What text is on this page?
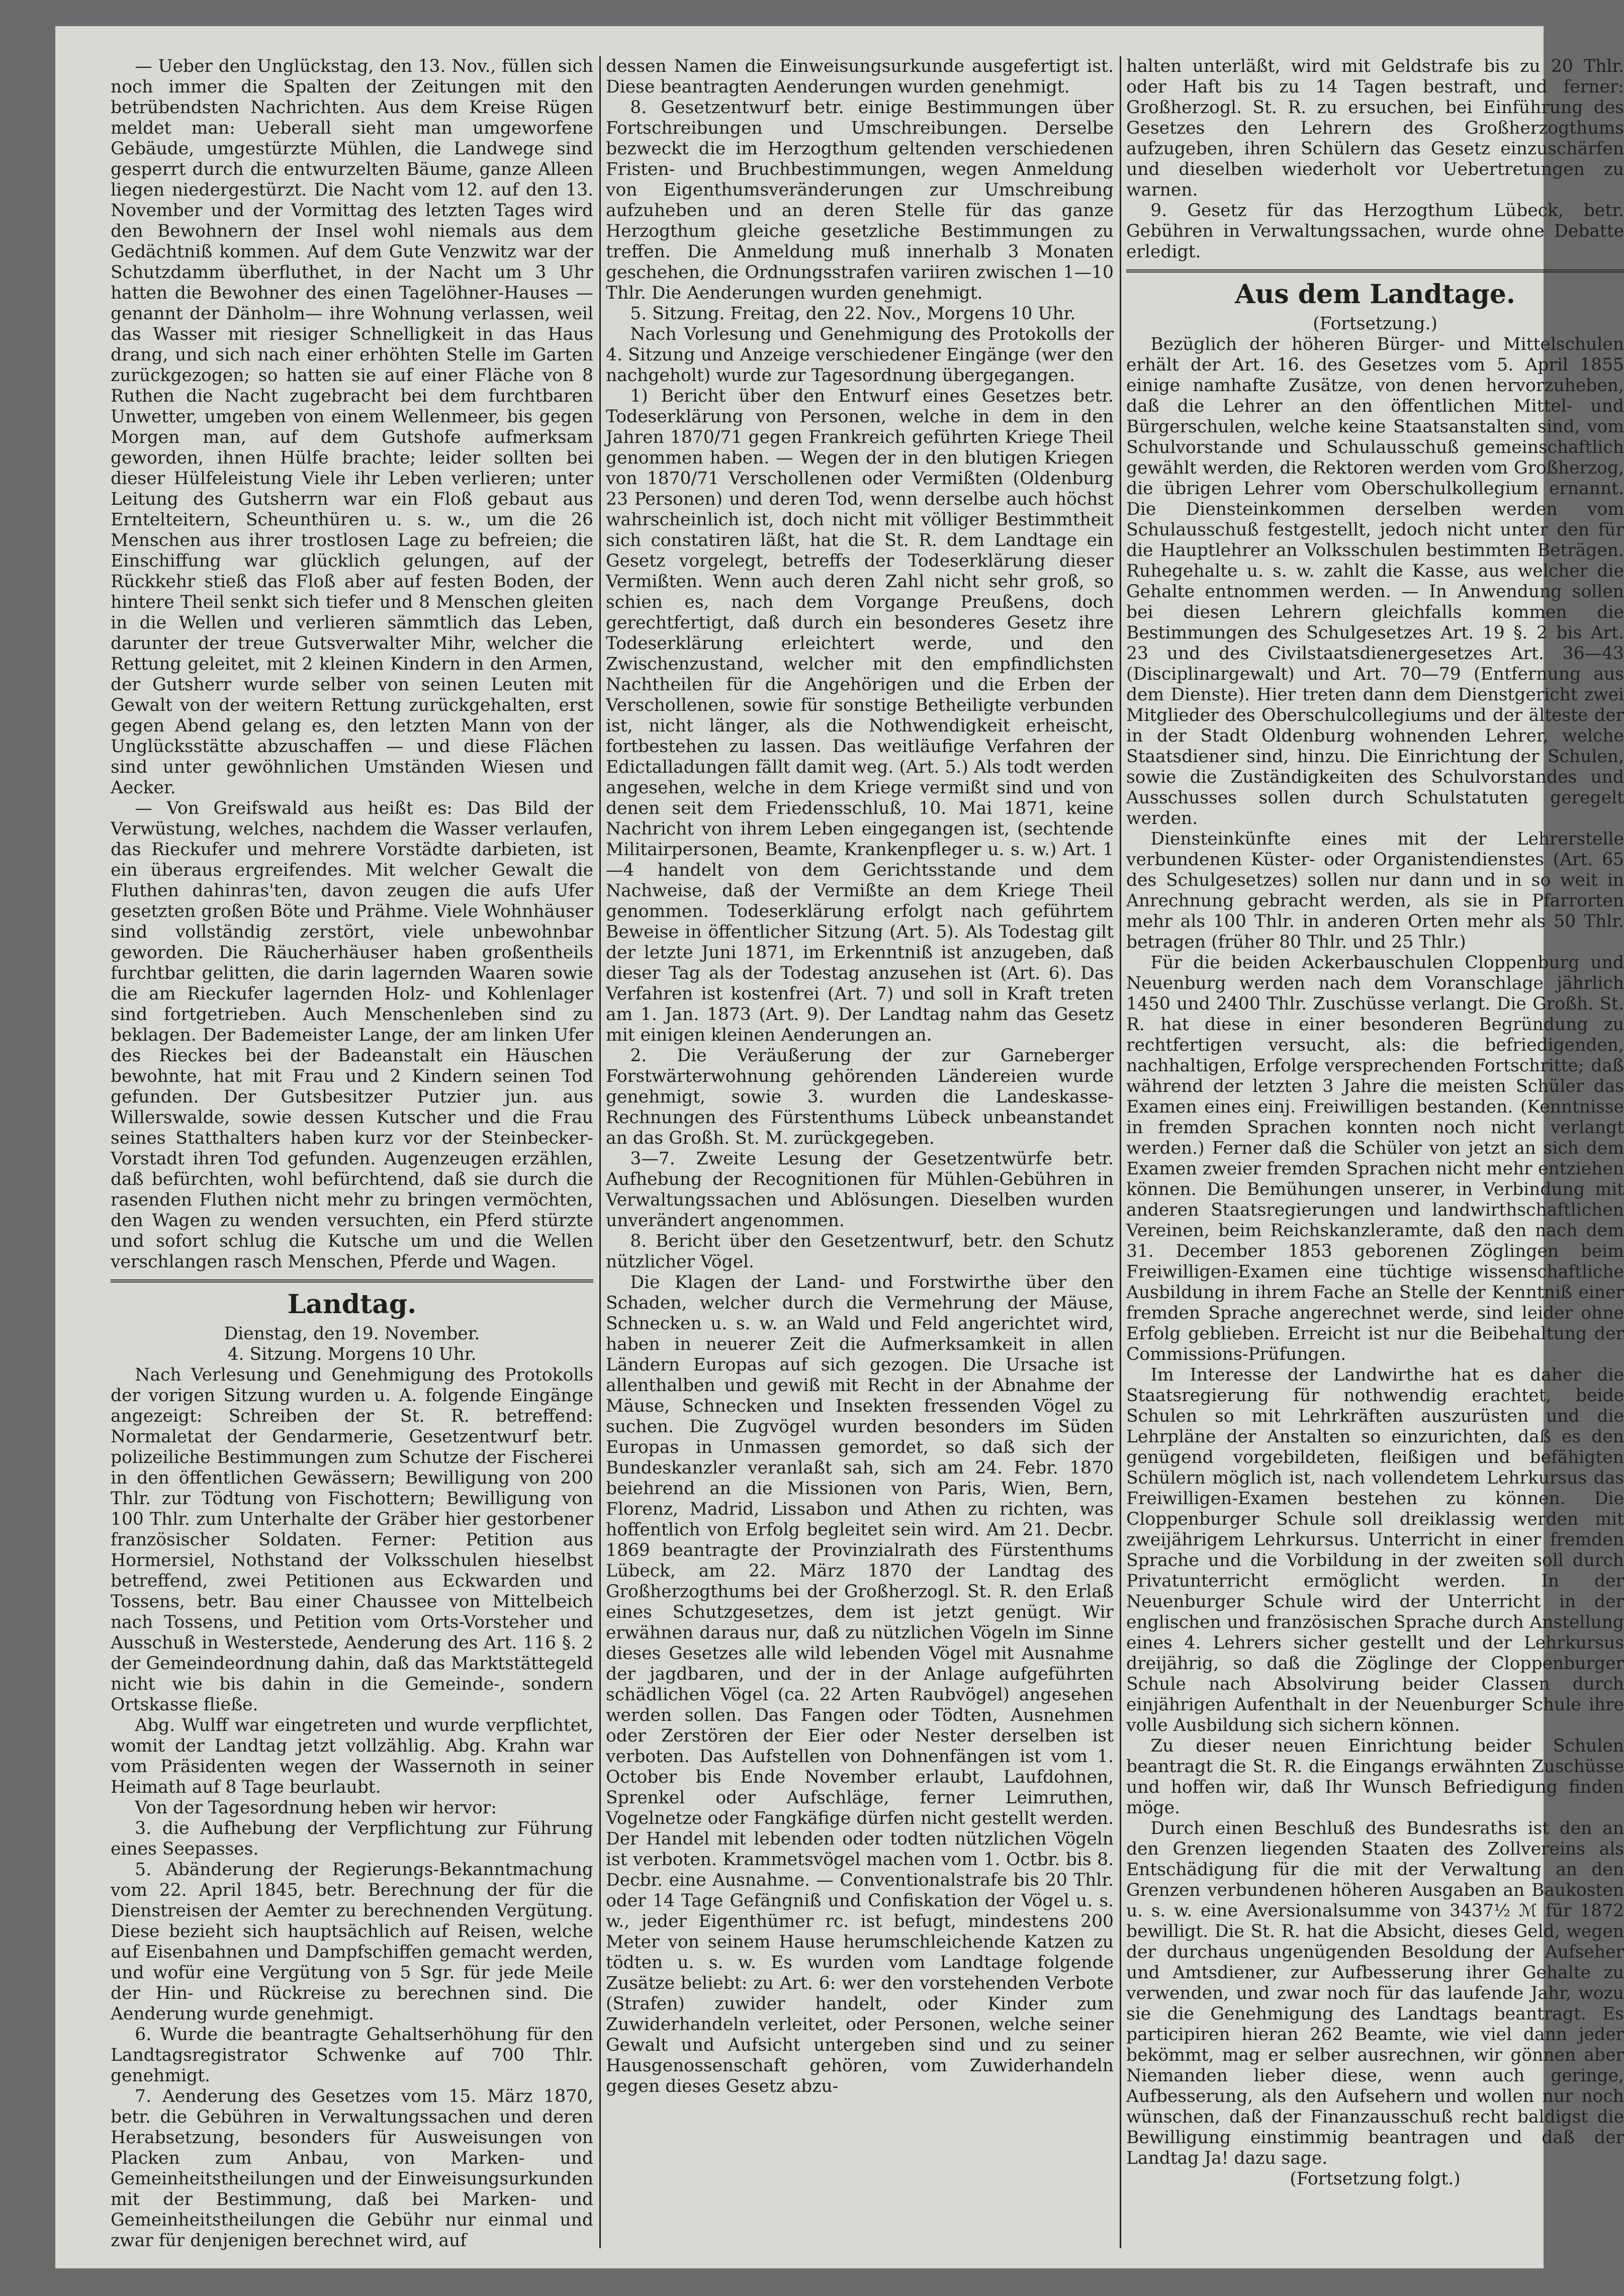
— Ueber den Unglückstag, den 13. Nov., füllen sich noch immer die Spalten der Zeitungen mit den betrübendsten Nachrichten. Aus dem Kreise Rügen meldet man: Ueberall sieht man umgeworfene Gebäude, umgestürzte Mühlen, die Landwege sind gesperrt durch die entwurzelten Bäume, ganze Alleen liegen niedergestürzt. Die Nacht vom 12. auf den 13. November und der Vormittag des letzten Tages wird den Bewohnern der Insel wohl niemals aus dem Gedächtniß kommen. Auf dem Gute Venzwitz war der Schutzdamm überfluthet, in der Nacht um 3 Uhr hatten die Bewohner des einen Tagelöhner-Hauses — genannt der Dänholm— ihre Wohnung verlassen, weil das Wasser mit riesiger Schnelligkeit in das Haus drang, und sich nach einer erhöhten Stelle im Garten zurückgezogen; so hatten sie auf einer Fläche von 8 Ruthen die Nacht zugebracht bei dem furchtbaren Unwetter, umgeben von einem Wellenmeer, bis gegen Morgen man, auf dem Gutshofe aufmerksam geworden, ihnen Hülfe brachte; leider sollten bei dieser Hülfeleistung Viele ihr Leben verlieren; unter Leitung des Gutsherrn war ein Floß gebaut aus Erntelteitern, Scheunthüren u. s. w., um die 26 Menschen aus ihrer trostlosen Lage zu befreien; die Einschiffung war glücklich gelungen, auf der Rückkehr stieß das Floß aber auf festen Boden, der hintere Theil senkt sich tiefer und 8 Menschen gleiten in die Wellen und verlieren sämmtlich das Leben, darunter der treue Gutsverwalter Mihr, welcher die Rettung geleitet, mit 2 kleinen Kindern in den Armen, der Gutsherr wurde selber von seinen Leuten mit Gewalt von der weitern Rettung zurückgehalten, erst gegen Abend gelang es, den letzten Mann von der Unglücksstätte abzuschaffen — und diese Flächen sind unter gewöhnlichen Umständen Wiesen und Aecker.

— Von Greifswald aus heißt es: Das Bild der Verwüstung, welches, nachdem die Wasser verlaufen, das Rieckufer und mehrere Vorstädte darbieten, ist ein überaus ergreifendes. Mit welcher Gewalt die Fluthen dahinras'ten, davon zeugen die aufs Ufer gesetzten großen Böte und Prähme. Viele Wohnhäuser sind vollständig zerstört, viele unbewohnbar geworden. Die Räucherhäuser haben großentheils furchtbar gelitten, die darin lagernden Waaren sowie die am Rieckufer lagernden Holz- und Kohlenlager sind fortgetrieben. Auch Menschenleben sind zu beklagen. Der Bademeister Lange, der am linken Ufer des Rieckes bei der Badeanstalt ein Häuschen bewohnte, hat mit Frau und 2 Kindern seinen Tod gefunden. Der Gutsbesitzer Putzier jun. aus Willerswalde, sowie dessen Kutscher und die Frau seines Statthalters haben kurz vor der Steinbecker-Vorstadt ihren Tod gefunden. Augenzeugen erzählen, daß befürchten, wohl befürchtend, daß sie durch die rasenden Fluthen nicht mehr zu bringen vermöchten, den Wagen zu wenden versuchten, ein Pferd stürzte und sofort schlug die Kutsche um und die Wellen verschlangen rasch Menschen, Pferde und Wagen.

Landtag.

Dienstag, den 19. November.

4. Sitzung. Morgens 10 Uhr.

Nach Verlesung und Genehmigung des Protokolls der vorigen Sitzung wurden u. A. folgende Eingänge angezeigt: Schreiben der St. R. betreffend: Normaletat der Gendarmerie, Gesetzentwurf betr. polizeiliche Bestimmungen zum Schutze der Fischerei in den öffentlichen Gewässern; Bewilligung von 200 Thlr. zur Tödtung von Fischottern; Bewilligung von 100 Thlr. zum Unterhalte der Gräber hier gestorbener französischer Soldaten. Ferner: Petition aus Hormersiel, Nothstand der Volksschulen hieselbst betreffend, zwei Petitionen aus Eckwarden und Tossens, betr. Bau einer Chaussee von Mittelbeich nach Tossens, und Petition vom Orts-Vorsteher und Ausschuß in Westerstede, Aenderung des Art. 116 §. 2 der Gemeindeordnung dahin, daß das Marktstättegeld nicht wie bis dahin in die Gemeinde-, sondern Ortskasse fließe.

Abg. Wulff war eingetreten und wurde verpflichtet, womit der Landtag jetzt vollzählig. Abg. Krahn war vom Präsidenten wegen der Wassernoth in seiner Heimath auf 8 Tage beurlaubt.

Von der Tagesordnung heben wir hervor:

3. die Aufhebung der Verpflichtung zur Führung eines Seepasses.

5. Abänderung der Regierungs-Bekanntmachung vom 22. April 1845, betr. Berechnung der für die Dienstreisen der Aemter zu berechnenden Vergütung. Diese bezieht sich hauptsächlich auf Reisen, welche auf Eisenbahnen und Dampfschiffen gemacht werden, und wofür eine Vergütung von 5 Sgr. für jede Meile der Hin- und Rückreise zu berechnen sind. Die Aenderung wurde genehmigt.

6. Wurde die beantragte Gehaltserhöhung für den Landtagsregistrator Schwenke auf 700 Thlr. genehmigt.

7. Aenderung des Gesetzes vom 15. März 1870, betr. die Gebühren in Verwaltungssachen und deren Herabsetzung, besonders für Ausweisungen von Placken zum Anbau, von Marken- und Gemeinheitstheilungen und der Einweisungsurkunden mit der Bestimmung, daß bei Marken- und Gemeinheitstheilungen die Gebühr nur einmal und zwar für denjenigen berechnet wird, auf

dessen Namen die Einweisungsurkunde ausgefertigt ist. Diese beantragten Aenderungen wurden genehmigt.

8. Gesetzentwurf betr. einige Bestimmungen über Fortschreibungen und Umschreibungen. Derselbe bezweckt die im Herzogthum geltenden verschiedenen Fristen- und Bruchbestimmungen, wegen Anmeldung von Eigenthumsveränderungen zur Umschreibung aufzuheben und an deren Stelle für das ganze Herzogthum gleiche gesetzliche Bestimmungen zu treffen. Die Anmeldung muß innerhalb 3 Monaten geschehen, die Ordnungsstrafen variiren zwischen 1—10 Thlr. Die Aenderungen wurden genehmigt.

5. Sitzung. Freitag, den 22. Nov., Morgens 10 Uhr.

Nach Vorlesung und Genehmigung des Protokolls der 4. Sitzung und Anzeige verschiedener Eingänge (wer den nachgeholt) wurde zur Tagesordnung übergegangen.

1) Bericht über den Entwurf eines Gesetzes betr. Todeserklärung von Personen, welche in dem in den Jahren 1870/71 gegen Frankreich geführten Kriege Theil genommen haben. — Wegen der in den blutigen Kriegen von 1870/71 Verschollenen oder Vermißten (Oldenburg 23 Personen) und deren Tod, wenn derselbe auch höchst wahrscheinlich ist, doch nicht mit völliger Bestimmtheit sich constatiren läßt, hat die St. R. dem Landtage ein Gesetz vorgelegt, betreffs der Todeserklärung dieser Vermißten. Wenn auch deren Zahl nicht sehr groß, so schien es, nach dem Vorgange Preußens, doch gerechtfertigt, daß durch ein besonderes Gesetz ihre Todeserklärung erleichtert werde, und den Zwischenzustand, welcher mit den empfindlichsten Nachtheilen für die Angehörigen und die Erben der Verschollenen, sowie für sonstige Betheiligte verbunden ist, nicht länger, als die Nothwendigkeit erheischt, fortbestehen zu lassen. Das weitläufige Verfahren der Edictalladungen fällt damit weg. (Art. 5.) Als todt werden angesehen, welche in dem Kriege vermißt sind und von denen seit dem Friedensschluß, 10. Mai 1871, keine Nachricht von ihrem Leben eingegangen ist, (sechtende Militairpersonen, Beamte, Krankenpfleger u. s. w.) Art. 1—4 handelt von dem Gerichtsstande und dem Nachweise, daß der Vermißte an dem Kriege Theil genommen. Todeserklärung erfolgt nach geführtem Beweise in öffentlicher Sitzung (Art. 5). Als Todestag gilt der letzte Juni 1871, im Erkenntniß ist anzugeben, daß dieser Tag als der Todestag anzusehen ist (Art. 6). Das Verfahren ist kostenfrei (Art. 7) und soll in Kraft treten am 1. Jan. 1873 (Art. 9). Der Landtag nahm das Gesetz mit einigen kleinen Aenderungen an.

2. Die Veräußerung der zur Garneberger Forstwärterwohnung gehörenden Ländereien wurde genehmigt, sowie 3. wurden die Landeskasse-Rechnungen des Fürstenthums Lübeck unbeanstandet an das Großh. St. M. zurückgegeben.

3—7. Zweite Lesung der Gesetzentwürfe betr. Aufhebung der Recognitionen für Mühlen-Gebühren in Verwaltungssachen und Ablösungen. Dieselben wurden unverändert angenommen.

8. Bericht über den Gesetzentwurf, betr. den Schutz nützlicher Vögel.

Die Klagen der Land- und Forstwirthe über den Schaden, welcher durch die Vermehrung der Mäuse, Schnecken u. s. w. an Wald und Feld angerichtet wird, haben in neuerer Zeit die Aufmerksamkeit in allen Ländern Europas auf sich gezogen. Die Ursache ist allenthalben und gewiß mit Recht in der Abnahme der Mäuse, Schnecken und Insekten fressenden Vögel zu suchen. Die Zugvögel wurden besonders im Süden Europas in Unmassen gemordet, so daß sich der Bundeskanzler veranlaßt sah, sich am 24. Febr. 1870 beiehrend an die Missionen von Paris, Wien, Bern, Florenz, Madrid, Lissabon und Athen zu richten, was hoffentlich von Erfolg begleitet sein wird. Am 21. Decbr. 1869 beantragte der Provinzialrath des Fürstenthums Lübeck, am 22. März 1870 der Landtag des Großherzogthums bei der Großherzogl. St. R. den Erlaß eines Schutzgesetzes, dem ist jetzt genügt. Wir erwähnen daraus nur, daß zu nützlichen Vögeln im Sinne dieses Gesetzes alle wild lebenden Vögel mit Ausnahme der jagdbaren, und der in der Anlage aufgeführten schädlichen Vögel (ca. 22 Arten Raubvögel) angesehen werden sollen. Das Fangen oder Tödten, Ausnehmen oder Zerstören der Eier oder Nester derselben ist verboten. Das Aufstellen von Dohnenfängen ist vom 1. October bis Ende November erlaubt, Laufdohnen, Sprenkel oder Aufschläge, ferner Leimruthen, Vogelnetze oder Fangkäfige dürfen nicht gestellt werden. Der Handel mit lebenden oder todten nützlichen Vögeln ist verboten. Krammetsvögel machen vom 1. Octbr. bis 8. Decbr. eine Ausnahme. — Conventionalstrafe bis 20 Thlr. oder 14 Tage Gefängniß und Confiskation der Vögel u. s. w., jeder Eigenthümer rc. ist befugt, mindestens 200 Meter von seinem Hause herumschleichende Katzen zu tödten u. s. w. Es wurden vom Landtage folgende Zusätze beliebt: zu Art. 6: wer den vorstehenden Verbote (Strafen) zuwider handelt, oder Kinder zum Zuwiderhandeln verleitet, oder Personen, welche seiner Gewalt und Aufsicht untergeben sind und zu seiner Hausgenossenschaft gehören, vom Zuwiderhandeln gegen dieses Gesetz abzu-

halten unterläßt, wird mit Geldstrafe bis zu 20 Thlr. oder Haft bis zu 14 Tagen bestraft, und ferner: Großherzogl. St. R. zu ersuchen, bei Einführung des Gesetzes den Lehrern des Großherzogthums aufzugeben, ihren Schülern das Gesetz einzuschärfen und dieselben wiederholt vor Uebertretungen zu warnen.

9. Gesetz für das Herzogthum Lübeck, betr. Gebühren in Verwaltungssachen, wurde ohne Debatte erledigt.

Aus dem Landtage.

(Fortsetzung.)

Bezüglich der höheren Bürger- und Mittelschulen erhält der Art. 16. des Gesetzes vom 5. April 1855 einige namhafte Zusätze, von denen hervorzuheben, daß die Lehrer an den öffentlichen Mittel- und Bürgerschulen, welche keine Staatsanstalten sind, vom Schulvorstande und Schulausschuß gemeinschaftlich gewählt werden, die Rektoren werden vom Großherzog, die übrigen Lehrer vom Oberschulkollegium ernannt. Die Diensteinkommen derselben werden vom Schulausschuß festgestellt, jedoch nicht unter den für die Hauptlehrer an Volksschulen bestimmten Beträgen. Ruhegehalte u. s. w. zahlt die Kasse, aus welcher die Gehalte entnommen werden. — In Anwendung sollen bei diesen Lehrern gleichfalls kommen die Bestimmungen des Schulgesetzes Art. 19 §. 2 bis Art. 23 und des Civilstaatsdienergesetzes Art. 36—43 (Disciplinargewalt) und Art. 70—79 (Entfernung aus dem Dienste). Hier treten dann dem Dienstgericht zwei Mitglieder des Oberschulcollegiums und der älteste der in der Stadt Oldenburg wohnenden Lehrer, welche Staatsdiener sind, hinzu. Die Einrichtung der Schulen, sowie die Zuständigkeiten des Schulvorstandes und Ausschusses sollen durch Schulstatuten geregelt werden.

Diensteinkünfte eines mit der Lehrerstelle verbundenen Küster- oder Organistendienstes (Art. 65 des Schulgesetzes) sollen nur dann und in so weit in Anrechnung gebracht werden, als sie in Pfarrorten mehr als 100 Thlr. in anderen Orten mehr als 50 Thlr. betragen (früher 80 Thlr. und 25 Thlr.)

Für die beiden Ackerbauschulen Cloppenburg und Neuenburg werden nach dem Voranschlage jährlich 1450 und 2400 Thlr. Zuschüsse verlangt. Die Großh. St. R. hat diese in einer besonderen Begründung zu rechtfertigen versucht, als: die befriedigenden, nachhaltigen, Erfolge versprechenden Fortschritte; daß während der letzten 3 Jahre die meisten Schüler das Examen eines einj. Freiwilligen bestanden. (Kenntnisse in fremden Sprachen konnten noch nicht verlangt werden.) Ferner daß die Schüler von jetzt an sich dem Examen zweier fremden Sprachen nicht mehr entziehen können. Die Bemühungen unserer, in Verbindung mit anderen Staatsregierungen und landwirthschaftlichen Vereinen, beim Reichskanzleramte, daß den nach dem 31. December 1853 geborenen Zöglingen beim Freiwilligen-Examen eine tüchtige wissenschaftliche Ausbildung in ihrem Fache an Stelle der Kenntniß einer fremden Sprache angerechnet werde, sind leider ohne Erfolg geblieben. Erreicht ist nur die Beibehaltung der Commissions-Prüfungen.

Im Interesse der Landwirthe hat es daher die Staatsregierung für nothwendig erachtet, beide Schulen so mit Lehrkräften auszurüsten und die Lehrpläne der Anstalten so einzurichten, daß es den genügend vorgebildeten, fleißigen und befähigten Schülern möglich ist, nach vollendetem Lehrkursus das Freiwilligen-Examen bestehen zu können. Die Cloppenburger Schule soll dreiklassig werden mit zweijährigem Lehrkursus. Unterricht in einer fremden Sprache und die Vorbildung in der zweiten soll durch Privatunterricht ermöglicht werden. In der Neuenburger Schule wird der Unterricht in der englischen und französischen Sprache durch Anstellung eines 4. Lehrers sicher gestellt und der Lehrkursus dreijährig, so daß die Zöglinge der Cloppenburger Schule nach Absolvirung beider Classen durch einjährigen Aufenthalt in der Neuenburger Schule ihre volle Ausbildung sich sichern können.

Zu dieser neuen Einrichtung beider Schulen beantragt die St. R. die Eingangs erwähnten Zuschüsse und hoffen wir, daß Ihr Wunsch Befriedigung finden möge.

Durch einen Beschluß des Bundesraths ist den an den Grenzen liegenden Staaten des Zollvereins als Entschädigung für die mit der Verwaltung an den Grenzen verbundenen höheren Ausgaben an Baukosten u. s. w. eine Aversionalsumme von 3437½ ℳ für 1872 bewilligt. Die St. R. hat die Absicht, dieses Geld, wegen der durchaus ungenügenden Besoldung der Aufseher und Amtsdiener, zur Aufbesserung ihrer Gehalte zu verwenden, und zwar noch für das laufende Jahr, wozu sie die Genehmigung des Landtags beantragt. Es participiren hieran 262 Beamte, wie viel dann jeder bekömmt, mag er selber ausrechnen, wir gönnen aber Niemanden lieber diese, wenn auch geringe, Aufbesserung, als den Aufsehern und wollen nur noch wünschen, daß der Finanzausschuß recht baldigst die Bewilligung einstimmig beantragen und daß der Landtag Ja! dazu sage.

(Fortsetzung folgt.)
